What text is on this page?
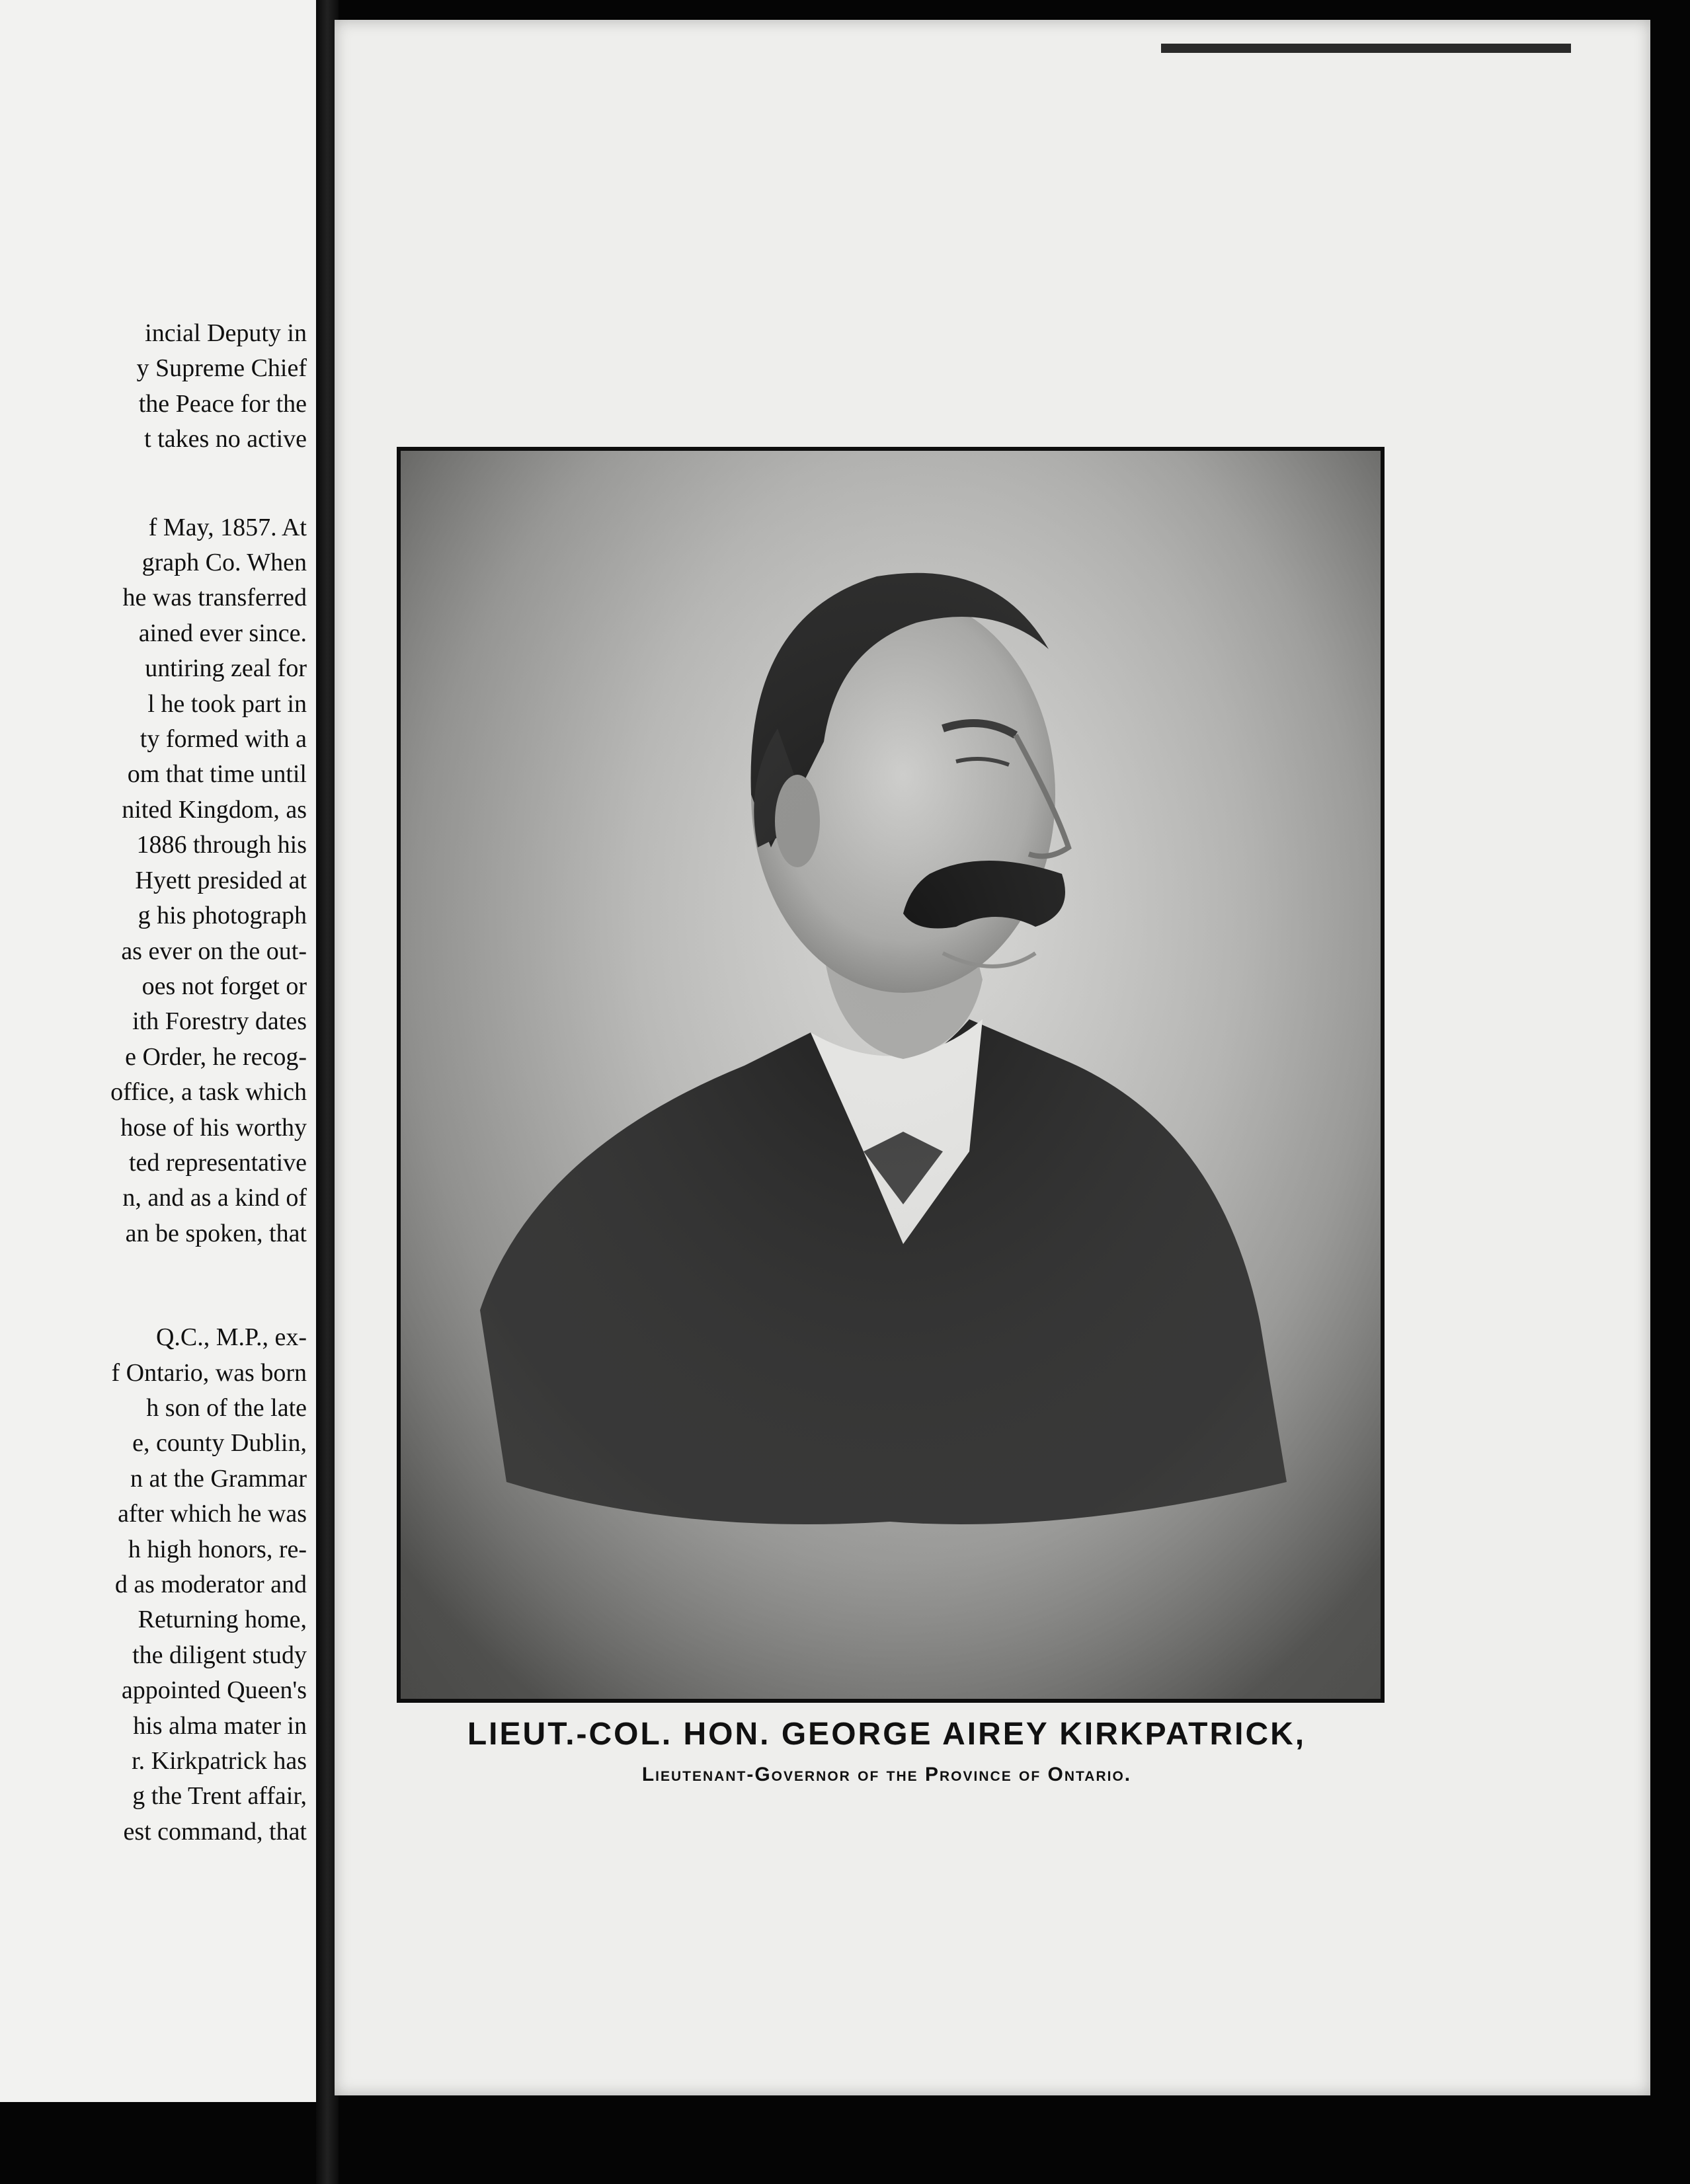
incial Deputy in
y Supreme Chief
the Peace for the
t takes no active
f May, 1857. At
graph Co. When
he was transferred
ained ever since.
untiring zeal for
l he took part in
ty formed with a
om that time until
nited Kingdom, as
1886 through his
Hyett presided at
g his photograph
as ever on the out-
oes not forget or
ith Forestry dates
e Order, he recog-
office, a task which
hose of his worthy
ted representative
n, and as a kind of
an be spoken, that
Q.C., M.P., ex-
f Ontario, was born
h son of the late
e, county Dublin,
n at the Grammar
after which he was
h high honors, re-
d as moderator and
Returning home,
the diligent study
appointed Queen's
his alma mater in
r. Kirkpatrick has
g the Trent affair,
est command, that
LIEUT.-COL. HON. GEORGE AIREY KIRKPATRICK,
Lieutenant-Governor of the Province of Ontario.
